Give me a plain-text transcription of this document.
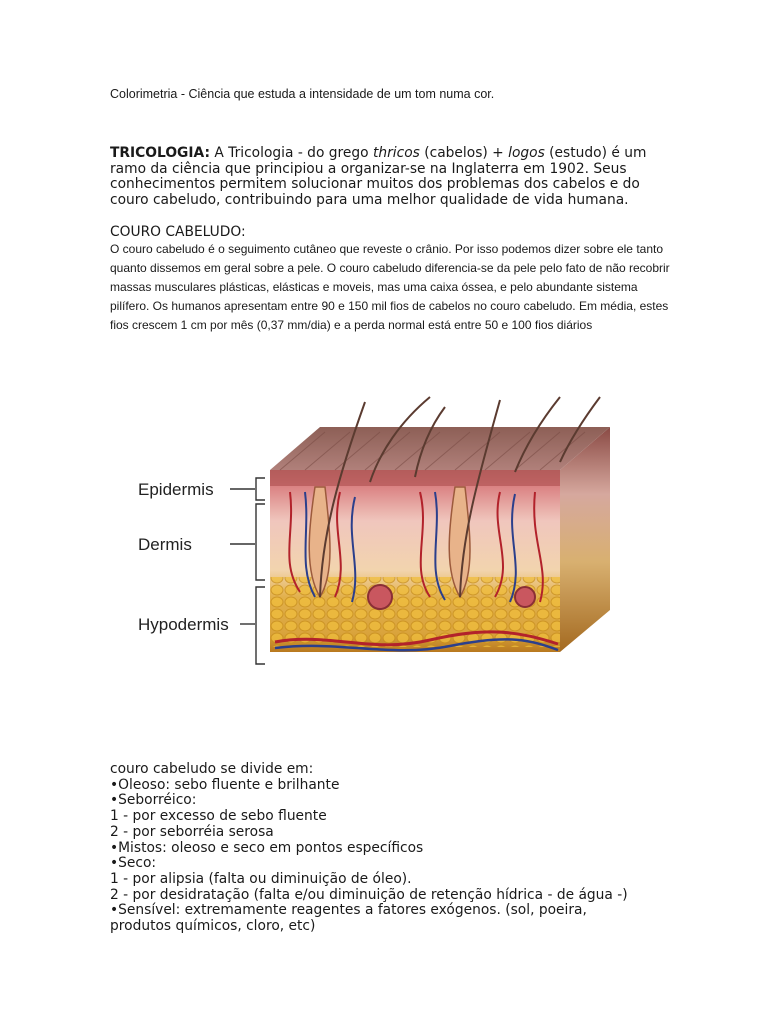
Colorimetria - Ciência que estuda a intensidade de um tom numa cor.
TRICOLOGIA: A Tricologia - do grego thricos (cabelos) + logos (estudo) é um ramo da ciência que principiou a organizar-se na Inglaterra em 1902. Seus conhecimentos permitem solucionar muitos dos problemas dos cabelos e do couro cabeludo, contribuindo para uma melhor qualidade de vida humana.
COURO CABELUDO:
O couro cabeludo é o seguimento cutâneo que reveste o crânio. Por isso podemos dizer sobre ele tanto quanto dissemos em geral sobre a pele. O couro cabeludo diferencia-se da pele pelo fato de não recobrir massas musculares plásticas, elásticas e moveis, mas uma caixa óssea, e pelo abundante sistema pilífero. Os humanos apresentam entre 90 e 150 mil fios de cabelos no couro cabeludo. Em média, estes fios crescem 1 cm por mês (0,37 mm/dia) e a perda normal está entre 50 e 100 fios diários
Epidermis
Dermis
Hypodermis
couro cabeludo se divide em:
•Oleoso: sebo fluente e brilhante
•Seborréico:
1 - por excesso de sebo fluente
2 - por seborréia serosa
•Mistos: oleoso e seco em pontos específicos
•Seco:
1 - por alipsia (falta ou diminuição de óleo).
2 - por desidratação (falta e/ou diminuição de retenção hídrica - de água -)
•Sensível: extremamente reagentes a fatores exógenos. (sol, poeira,
produtos químicos, cloro, etc)
